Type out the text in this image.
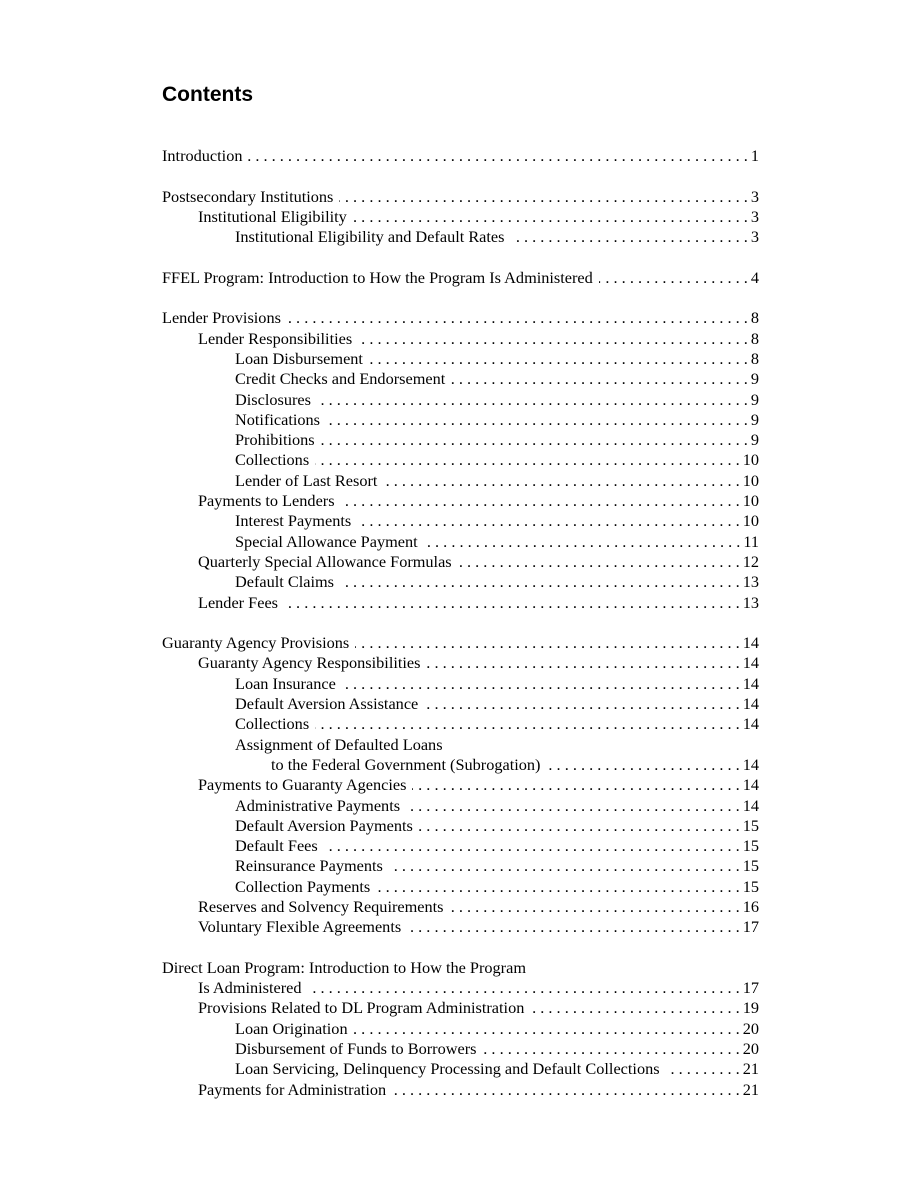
Contents
Introduction . . .	1
Postsecondary Institutions . . .	3
Institutional Eligibility . . .	3
Institutional Eligibility and Default Rates . . .	3
FFEL Program: Introduction to How the Program Is Administered . . .	4
Lender Provisions . . .	8
Lender Responsibilities . . .	8
Loan Disbursement . . .	8
Credit Checks and Endorsement . . .	9
Disclosures . . .	9
Notifications . . .	9
Prohibitions . . .	9
Collections . . .	10
Lender of Last Resort . . .	10
Payments to Lenders . . .	10
Interest Payments . . .	10
Special Allowance Payment . . .	11
Quarterly Special Allowance Formulas . . .	12
Default Claims . . .	13
Lender Fees . . .	13
Guaranty Agency Provisions . . .	14
Guaranty Agency Responsibilities . . .	14
Loan Insurance . . .	14
Default Aversion Assistance . . .	14
Collections . . .	14
Assignment of Defaulted Loans
to the Federal Government (Subrogation) . . .	14
Payments to Guaranty Agencies . . .	14
Administrative Payments . . .	14
Default Aversion Payments . . .	15
Default Fees . . .	15
Reinsurance Payments . . .	15
Collection Payments . . .	15
Reserves and Solvency Requirements . . .	16
Voluntary Flexible Agreements . . .	17
Direct Loan Program: Introduction to How the Program
Is Administered . . .	17
Provisions Related to DL Program Administration . . .	19
Loan Origination . . .	20
Disbursement of Funds to Borrowers . . .	20
Loan Servicing, Delinquency Processing and Default Collections . . .	21
Payments for Administration . . .	21
